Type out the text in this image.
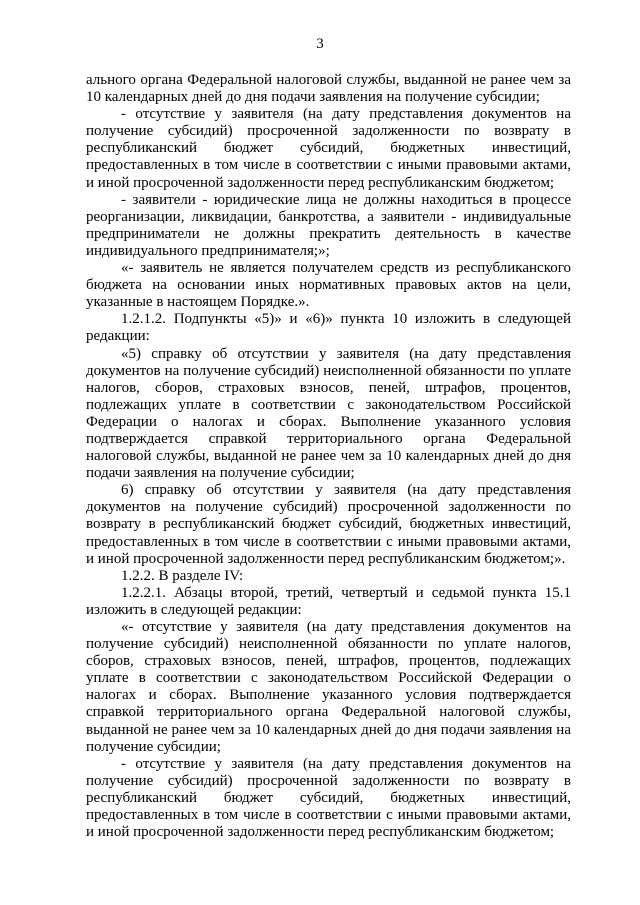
3

ального органа Федеральной налоговой службы, выданной не ранее чем за 10 календарных дней до дня подачи заявления на получение субсидии;

- отсутствие у заявителя (на дату представления документов на получение субсидий) просроченной задолженности по возврату в республиканский бюджет субсидий, бюджетных инвестиций, предоставленных в том числе в соответствии с иными правовыми актами, и иной просроченной задолженности перед республиканским бюджетом;

- заявители - юридические лица не должны находиться в процессе реорганизации, ликвидации, банкротства, а заявители - индивидуальные предприниматели не должны прекратить деятельность в качестве индивидуального предпринимателя;»;

«- заявитель не является получателем средств из республиканского бюджета на основании иных нормативных правовых актов на цели, указанные в настоящем Порядке.».

1.2.1.2. Подпункты «5)» и «6)» пункта 10 изложить в следующей редакции:

«5) справку об отсутствии у заявителя (на дату представления документов на получение субсидий) неисполненной обязанности по уплате налогов, сборов, страховых взносов, пеней, штрафов, процентов, подлежащих уплате в соответствии с законодательством Российской Федерации о налогах и сборах. Выполнение указанного условия подтверждается справкой территориального органа Федеральной налоговой службы, выданной не ранее чем за 10 календарных дней до дня подачи заявления на получение субсидии;

6) справку об отсутствии у заявителя (на дату представления документов на получение субсидий) просроченной задолженности по возврату в республиканский бюджет субсидий, бюджетных инвестиций, предоставленных в том числе в соответствии с иными правовыми актами, и иной просроченной задолженности перед республиканским бюджетом;».

1.2.2. В разделе IV:

1.2.2.1. Абзацы второй, третий, четвертый и седьмой пункта 15.1 изложить в следующей редакции:

«- отсутствие у заявителя (на дату представления документов на получение субсидий) неисполненной обязанности по уплате налогов, сборов, страховых взносов, пеней, штрафов, процентов, подлежащих уплате в соответствии с законодательством Российской Федерации о налогах и сборах. Выполнение указанного условия подтверждается справкой территориального органа Федеральной налоговой службы, выданной не ранее чем за 10 календарных дней до дня подачи заявления на получение субсидии;

- отсутствие у заявителя (на дату представления документов на получение субсидий) просроченной задолженности по возврату в республиканский бюджет субсидий, бюджетных инвестиций, предоставленных в том числе в соответствии с иными правовыми актами, и иной просроченной задолженности перед республиканским бюджетом;
